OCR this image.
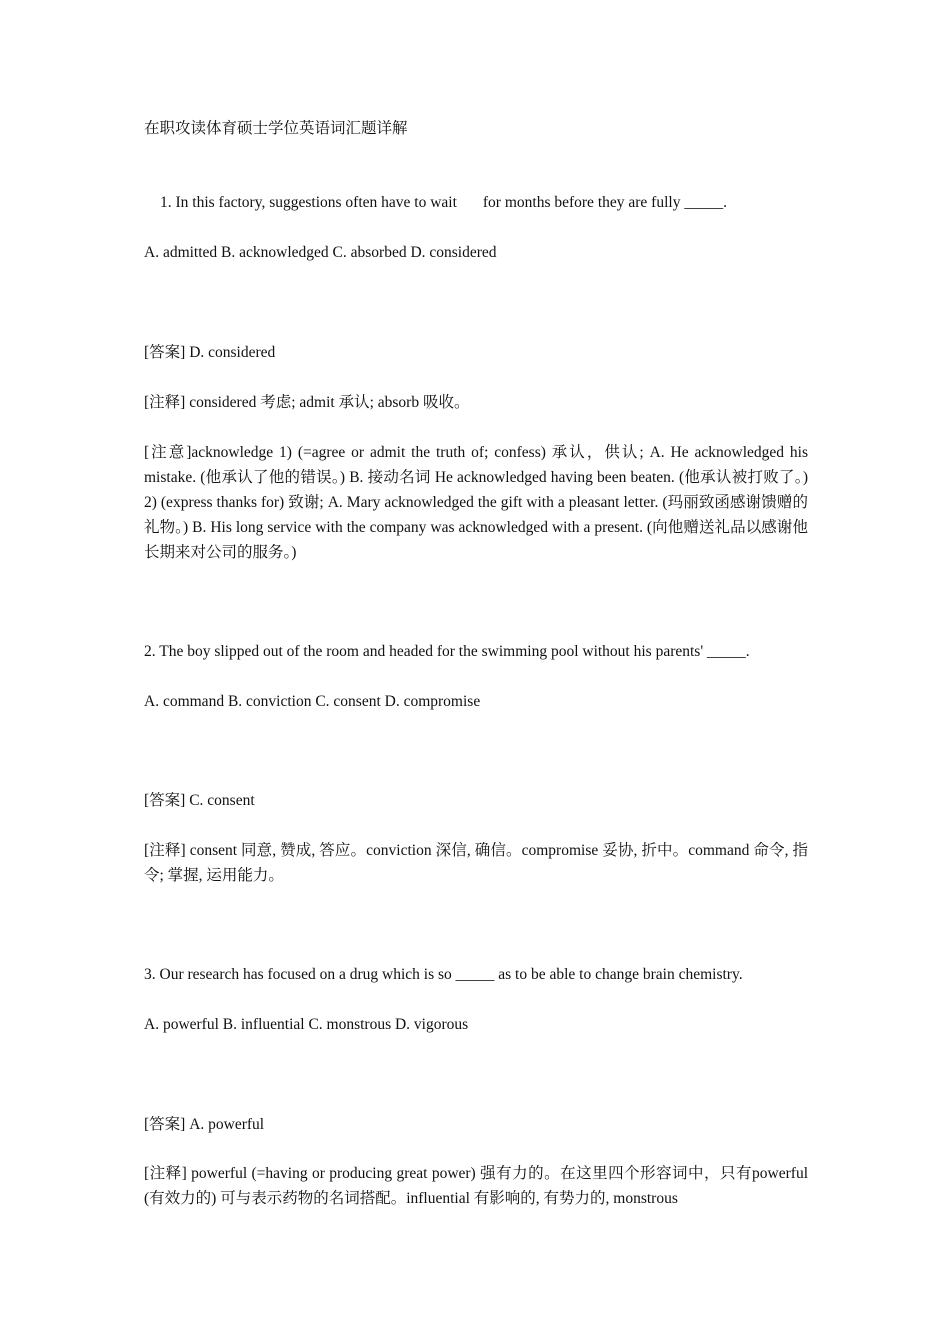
在职攻读体育硕士学位英语词汇题详解
1. In this factory, suggestions often have to wait for months before they are fully _____.
A. admitted B. acknowledged C. absorbed D. considered
[答案] D. considered
[注释] considered 考虑; admit 承认; absorb 吸收。
[注意]acknowledge 1) (=agree or admit the truth of; confess) 承认，供认; A. He acknowledged his mistake. (他承认了他的错误。) B. 接动名词 He acknowledged having been beaten. (他承认被打败了。) 2) (express thanks for) 致谢; A. Mary acknowledged the gift with a pleasant letter. (玛丽致函感谢馈赠的礼物。) B. His long service with the company was acknowledged with a present. (向他赠送礼品以感谢他长期来对公司的服务。)
2. The boy slipped out of the room and headed for the swimming pool without his parents' _____.
A. command B. conviction C. consent D. compromise
[答案] C. consent
[注释] consent 同意, 赞成, 答应。conviction 深信, 确信。compromise 妥协, 折中。command 命令, 指令; 掌握, 运用能力。
3. Our research has focused on a drug which is so _____ as to be able to change brain chemistry.
A. powerful B. influential C. monstrous D. vigorous
[答案] A. powerful
[注释] powerful (=having or producing great power) 强有力的。在这里四个形容词中，只有powerful (有效力的) 可与表示药物的名词搭配。influential 有影响的, 有势力的, monstrous
